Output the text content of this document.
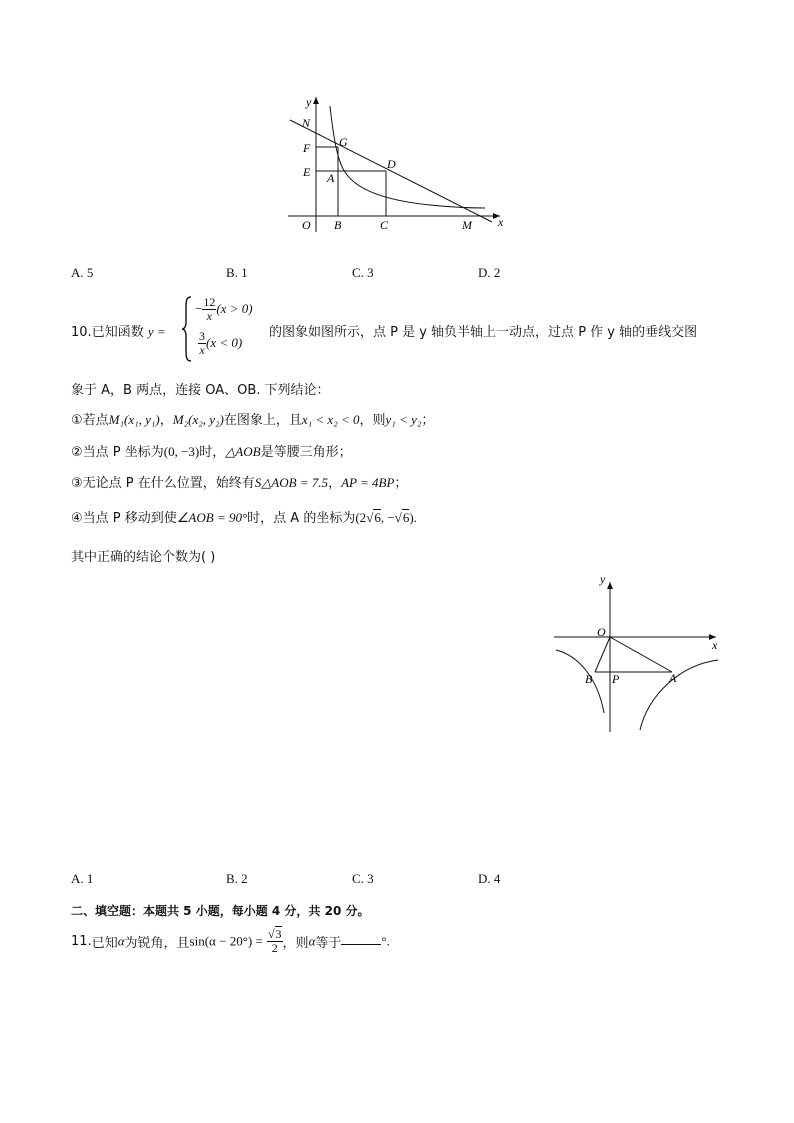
y
x
N
F G
E A
D
O B	C	M
A. 5	B. 1	C. 3	D. 2
10.已知函数 y =
− $\frac{12}{x} (x > 0)$
$\frac{3}{x} (x < 0)$
的图象如图所示，点 P 是 y 轴负半轴上一动点，过点 P 作 y 轴的垂线交图
象于 A，B 两点，连接 OA、OB. 下列结论：
①若点M₁(x₁, y₁)，M₂(x₂, y₂)在图象上，且x₁ < x₂ < 0，则y₁ < y₂；
②当点 P 坐标为(0, −3)时，△AOB是等腰三角形；
③无论点 P 在什么位置，始终有S△AOB = 7.5，AP = 4BP；
④当点 P 移动到使∠AOB = 90°时，点 A 的坐标为(2√6, −√6).
其中正确的结论个数为( )
y
x
O
B P	A
A. 1	B. 2	C. 3	D. 4
二、填空题：本题共 5 小题，每小题 4 分，共 20 分。
11.已知α为锐角，且$\sin(\alpha - 20^\circ) = \frac{√3}{2}$ ，则α等于	°.
